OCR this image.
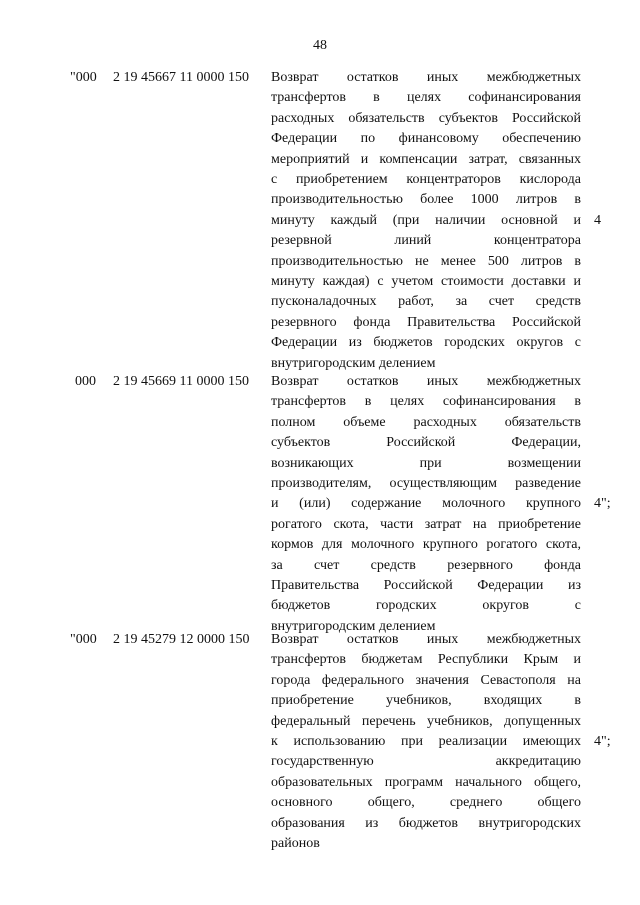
48
"000 2 19 45667 11 0000 150 Возврат остатков иных межбюджетных
трансфертов в целях софинансирования
расходных обязательств субъектов Российской
Федерации по финансовому обеспечению
мероприятий и компенсации затрат, связанных
с приобретением концентраторов кислорода
производительностью более 1000 литров в
минуту каждый (при наличии основной и
резервной линий концентратора
производительностью не менее 500 литров в
минуту каждая) с учетом стоимости доставки и
пусконаладочных работ, за счет средств
резервного фонда Правительства Российской
Федерации из бюджетов городских округов с
внутригородским делением
4
000 2 19 45669 11 0000 150 Возврат остатков иных межбюджетных
трансфертов в целях софинансирования в
полном объеме расходных обязательств
субъектов Российской Федерации,
возникающих при возмещении
производителям, осуществляющим разведение
и (или) содержание молочного крупного
рогатого скота, части затрат на приобретение
кормов для молочного крупного рогатого скота,
за счет средств резервного фонда
Правительства Российской Федерации из
бюджетов городских округов с
внутригородским делением
4";
"000 2 19 45279 12 0000 150 Возврат остатков иных межбюджетных
трансфертов бюджетам Республики Крым и
города федерального значения Севастополя на
приобретение учебников, входящих в
федеральный перечень учебников, допущенных
к использованию при реализации имеющих
государственную аккредитацию
образовательных программ начального общего,
основного общего, среднего общего
образования из бюджетов внутригородских
районов
4";
